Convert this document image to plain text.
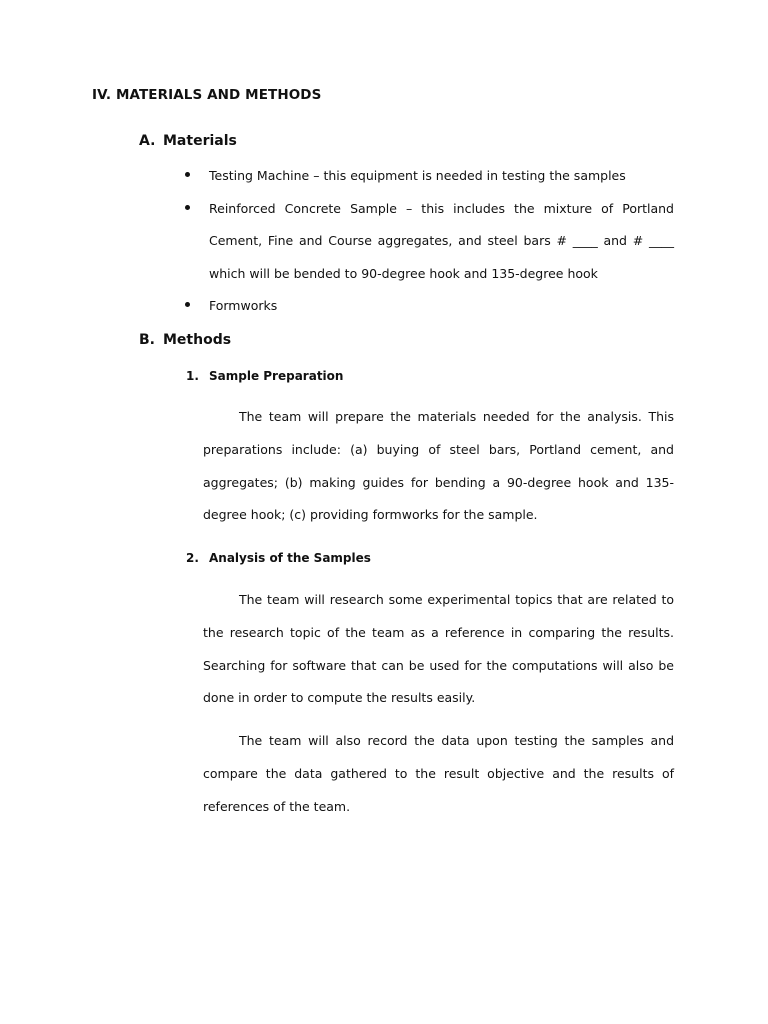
IV. MATERIALS AND METHODS
A. Materials
Testing Machine – this equipment is needed in testing the samples
Reinforced Concrete Sample – this includes the mixture of Portland Cement, Fine and Course aggregates, and steel bars # ____ and # ____ which will be bended to 90-degree hook and 135-degree hook
Formworks
B. Methods
1. Sample Preparation
The team will prepare the materials needed for the analysis. This preparations include: (a) buying of steel bars, Portland cement, and aggregates; (b) making guides for bending a 90-degree hook and 135-degree hook; (c) providing formworks for the sample.
2. Analysis of the Samples
The team will research some experimental topics that are related to the research topic of the team as a reference in comparing the results. Searching for software that can be used for the computations will also be done in order to compute the results easily.
The team will also record the data upon testing the samples and compare the data gathered to the result objective and the results of references of the team.
